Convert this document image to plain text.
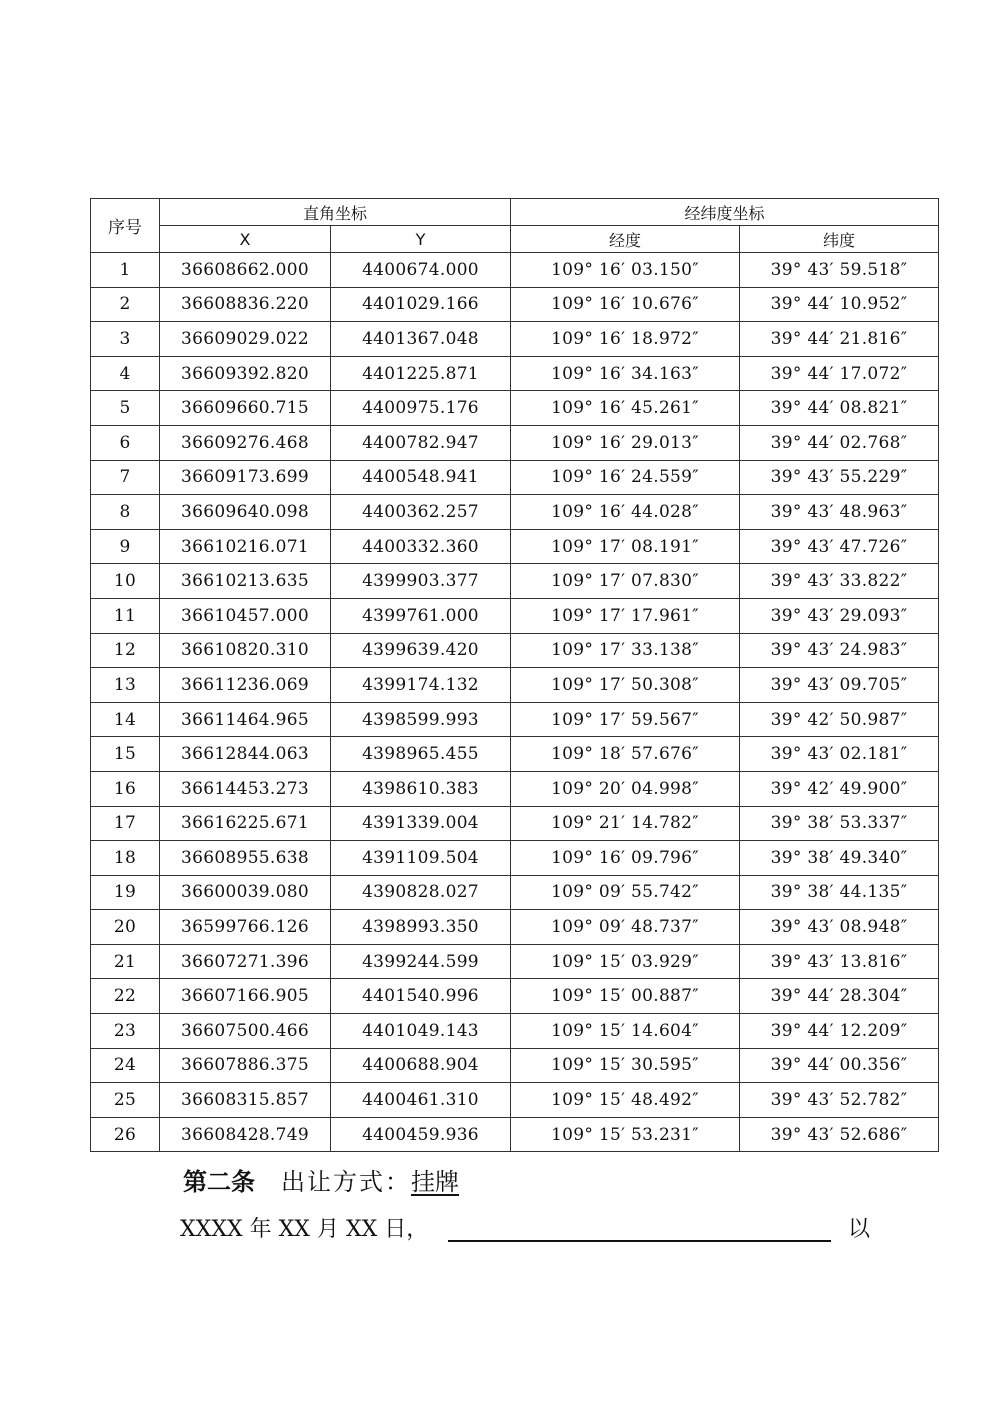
序号	直角坐标		经纬度坐标	
	X	Y	经度	纬度
1	36608662.000	4400674.000	109° 16′ 03.150″	39° 43′ 59.518″
2	36608836.220	4401029.166	109° 16′ 10.676″	39° 44′ 10.952″
3	36609029.022	4401367.048	109° 16′ 18.972″	39° 44′ 21.816″
4	36609392.820	4401225.871	109° 16′ 34.163″	39° 44′ 17.072″
5	36609660.715	4400975.176	109° 16′ 45.261″	39° 44′ 08.821″
6	36609276.468	4400782.947	109° 16′ 29.013″	39° 44′ 02.768″
7	36609173.699	4400548.941	109° 16′ 24.559″	39° 43′ 55.229″
8	36609640.098	4400362.257	109° 16′ 44.028″	39° 43′ 48.963″
9	36610216.071	4400332.360	109° 17′ 08.191″	39° 43′ 47.726″
10	36610213.635	4399903.377	109° 17′ 07.830″	39° 43′ 33.822″
11	36610457.000	4399761.000	109° 17′ 17.961″	39° 43′ 29.093″
12	36610820.310	4399639.420	109° 17′ 33.138″	39° 43′ 24.983″
13	36611236.069	4399174.132	109° 17′ 50.308″	39° 43′ 09.705″
14	36611464.965	4398599.993	109° 17′ 59.567″	39° 42′ 50.987″
15	36612844.063	4398965.455	109° 18′ 57.676″	39° 43′ 02.181″
16	36614453.273	4398610.383	109° 20′ 04.998″	39° 42′ 49.900″
17	36616225.671	4391339.004	109° 21′ 14.782″	39° 38′ 53.337″
18	36608955.638	4391109.504	109° 16′ 09.796″	39° 38′ 49.340″
19	36600039.080	4390828.027	109° 09′ 55.742″	39° 38′ 44.135″
20	36599766.126	4398993.350	109° 09′ 48.737″	39° 43′ 08.948″
21	36607271.396	4399244.599	109° 15′ 03.929″	39° 43′ 13.816″
22	36607166.905	4401540.996	109° 15′ 00.887″	39° 44′ 28.304″
23	36607500.466	4401049.143	109° 15′ 14.604″	39° 44′ 12.209″
24	36607886.375	4400688.904	109° 15′ 30.595″	39° 44′ 00.356″
25	36608315.857	4400461.310	109° 15′ 48.492″	39° 43′ 52.782″
26	36608428.749	4400459.936	109° 15′ 53.231″	39° 43′ 52.686″
第二条 出让方式：挂牌
XXXX 年 XX 月 XX 日，	以
